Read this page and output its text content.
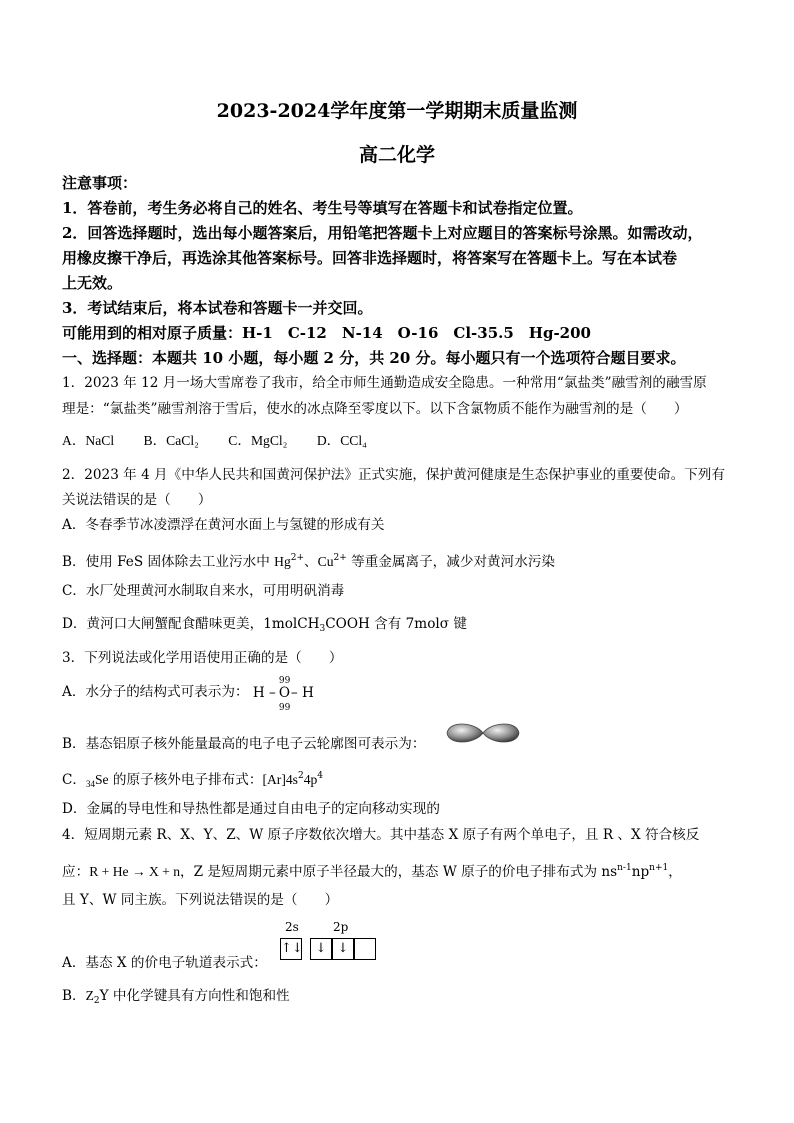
2023-2024学年度第一学期期末质量监测
高二化学
注意事项：
1．答卷前，考生务必将自己的姓名、考生号等填写在答题卡和试卷指定位置。
2．回答选择题时，选出每小题答案后，用铅笔把答题卡上对应题目的答案标号涂黑。如需改动，
用橡皮擦干净后，再选涂其他答案标号。回答非选择题时，将答案写在答题卡上。写在本试卷
上无效。
3．考试结束后，将本试卷和答题卡一并交回。
可能用到的相对原子质量：H-1　C-12　N-14　O-16　Cl-35.5　Hg-200
一、选择题：本题共 10 小题，每小题 2 分，共 20 分。每小题只有一个选项符合题目要求。
1．2023 年 12 月一场大雪席卷了我市，给全市师生通勤造成安全隐患。一种常用“氯盐类”融雪剂的融雪原
理是：“氯盐类”融雪剂溶于雪后，使水的冰点降至零度以下。以下含氯物质不能作为融雪剂的是（　　）
A．NaCl B．CaCl₂ C．MgCl₂ D．CCl₄
2．2023 年 4 月《中华人民共和国黄河保护法》正式实施，保护黄河健康是生态保护事业的重要使命。下列有
关说法错误的是（　　）
A．冬春季节冰凌漂浮在黄河水面上与氢键的形成有关
B．使用 FeS 固体除去工业污水中 $Hg^{2+}$、$Cu^{2+}$ 等重金属离子，减少对黄河水污染
C．水厂处理黄河水制取自来水，可用明矾消毒
D．黄河口大闸蟹配食醋味更美，1molCH$_3$COOH 含有 7molσ 键
3．下列说法或化学用语使用正确的是（　　）
A．水分子的结构式可表示为： H – O
99
99
– H
B．基态铝原子核外能量最高的电子电子云轮廓图可表示为：
C．$_{34}$Se 的原子核外电子排布式：$[Ar]4s^24p^4$
D．金属的导电性和导热性都是通过自由电子的定向移动实现的
4．短周期元素 R、X、Y、Z、W 原子序数依次增大。其中基态 X 原子有两个单电子，且 R 、X 符合核反
应：R + He → X + n，Z 是短周期元素中原子半径最大的，基态 W 原子的价电子排布式为 $ns^{n-1}np^{n+1}$，
且 Y、W 同主族。下列说法错误的是（　　）
2s	2p
A．基态 X 的价电子轨道表示式：
↑↓ ↓ ↓
B．$Z_2Y$ 中化学键具有方向性和饱和性
